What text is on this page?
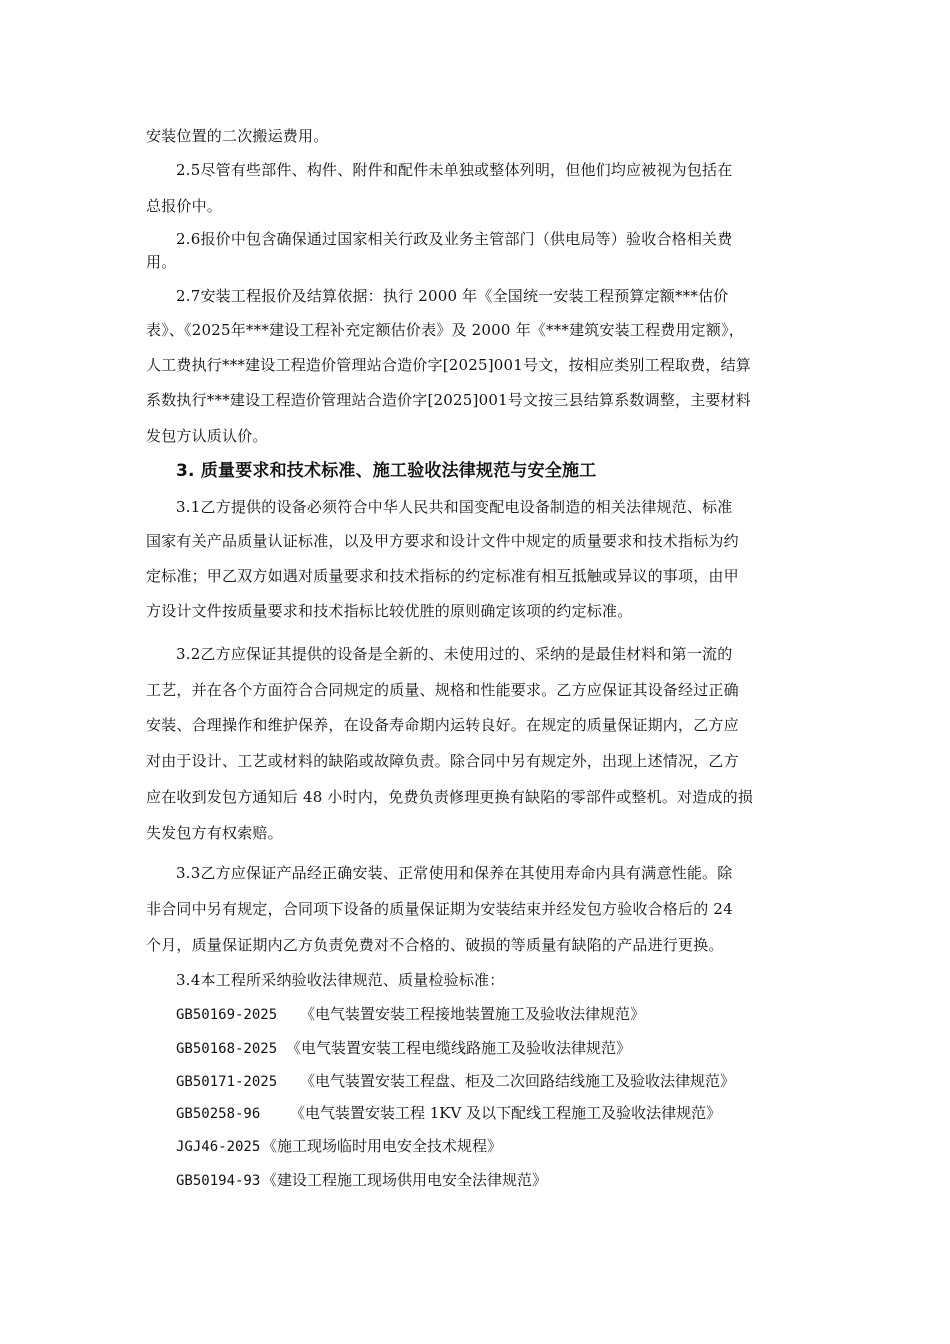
安装位置的二次搬运费用。
2.5尽管有些部件、构件、附件和配件未单独或整体列明，但他们均应被视为包括在
总报价中。
2.6报价中包含确保通过国家相关行政及业务主管部门（供电局等）验收合格相关费
用。
2.7安装工程报价及结算依据：执行 2000 年《全国统一安装工程预算定额***估价
表》、《2025年***建设工程补充定额估价表》及 2000 年《***建筑安装工程费用定额》，
人工费执行***建设工程造价管理站合造价字[2025]001号文，按相应类别工程取费，结算
系数执行***建设工程造价管理站合造价字[2025]001号文按三县结算系数调整，主要材料
发包方认质认价。
3. 质量要求和技术标准、施工验收法律规范与安全施工
3.1乙方提供的设备必须符合中华人民共和国变配电设备制造的相关法律规范、标准
国家有关产品质量认证标准，以及甲方要求和设计文件中规定的质量要求和技术指标为约
定标准；甲乙双方如遇对质量要求和技术指标的约定标准有相互抵触或异议的事项，由甲
方设计文件按质量要求和技术指标比较优胜的原则确定该项的约定标准。
3.2乙方应保证其提供的设备是全新的、未使用过的、采纳的是最佳材料和第一流的
工艺，并在各个方面符合合同规定的质量、规格和性能要求。乙方应保证其设备经过正确
安装、合理操作和维护保养，在设备寿命期内运转良好。在规定的质量保证期内，乙方应
对由于设计、工艺或材料的缺陷或故障负责。除合同中另有规定外，出现上述情况，乙方
应在收到发包方通知后 48 小时内，免费负责修理更换有缺陷的零部件或整机。对造成的损
失发包方有权索赔。
3.3乙方应保证产品经正确安装、正常使用和保养在其使用寿命内具有满意性能。除
非合同中另有规定，合同项下设备的质量保证期为安装结束并经发包方验收合格后的 24
个月，质量保证期内乙方负责免费对不合格的、破损的等质量有缺陷的产品进行更换。
3.4本工程所采纳验收法律规范、质量检验标准：
GB50169-2025 《电气装置安装工程接地装置施工及验收法律规范》
GB50168-2025 《电气装置安装工程电缆线路施工及验收法律规范》
GB50171-2025 《电气装置安装工程盘、柜及二次回路结线施工及验收法律规范》
GB50258-96 《电气装置安装工程 1KV 及以下配线工程施工及验收法律规范》
JGJ46-2025 《施工现场临时用电安全技术规程》
GB50194-93 《建设工程施工现场供用电安全法律规范》
